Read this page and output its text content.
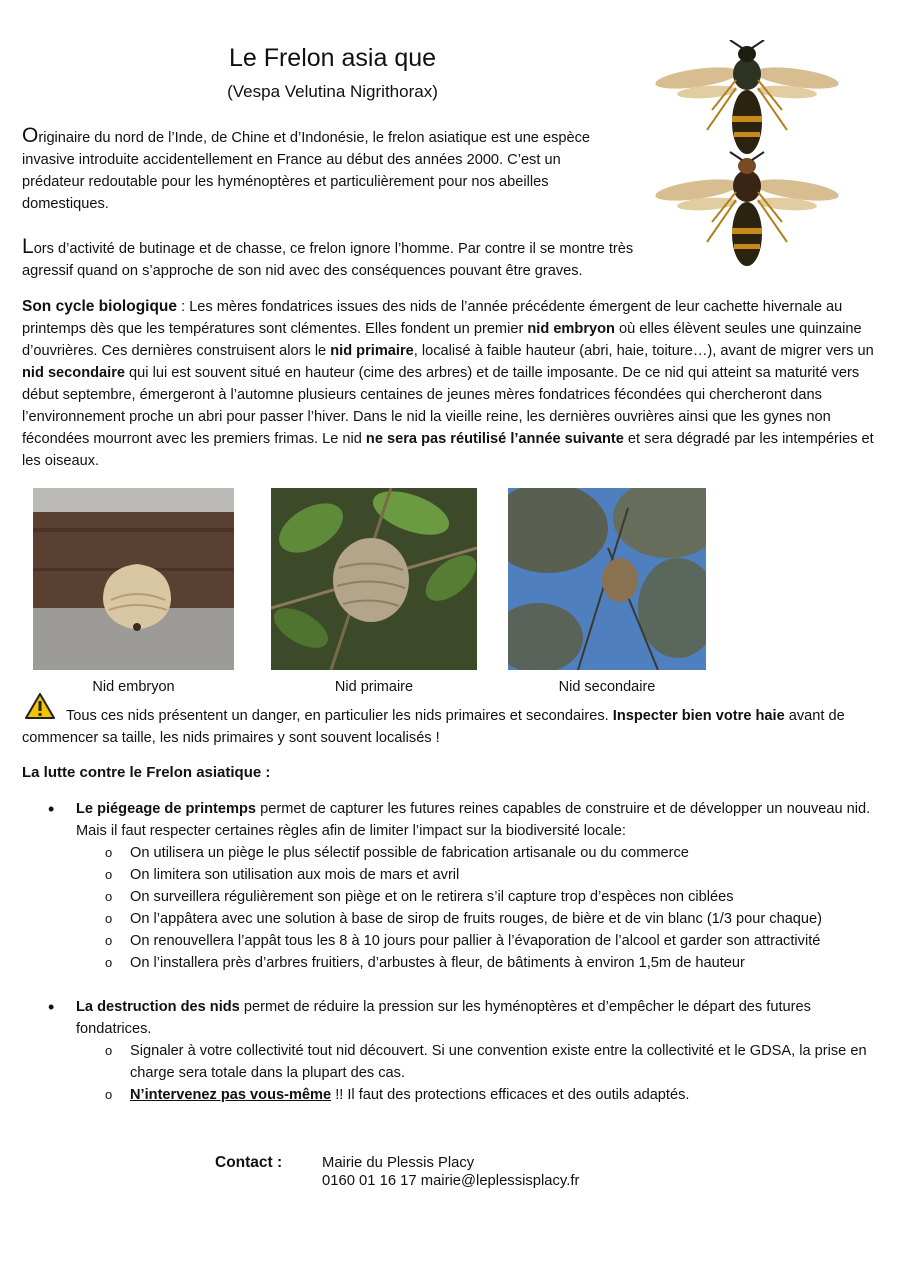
Le Frelon asia que
(Vespa Velutina Nigrithorax)
Originaire du nord de l’Inde, de Chine et d’Indonésie, le frelon asiatique est une espèce invasive introduite accidentellement en France au début des années 2000. C’est un prédateur redoutable pour les hyménoptères et particulièrement pour nos abeilles domestiques.
Lors d’activité de butinage et de chasse, ce frelon ignore l’homme. Par contre il se montre très agressif quand on s’approche de son nid avec des conséquences pouvant être graves.
Son cycle biologique : Les mères fondatrices issues des nids de l’année précédente émergent de leur cachette hivernale au printemps dès que les températures sont clémentes. Elles fondent un premier nid embryon où elles élèvent seules une quinzaine d’ouvrières. Ces dernières construisent alors le nid primaire, localisé à faible hauteur (abri, haie, toiture…), avant de migrer vers un nid secondaire qui lui est souvent situé en hauteur (cime des arbres) et de taille imposante. De ce nid qui atteint sa maturité vers début septembre, émergeront à l’automne plusieurs centaines de jeunes mères fondatrices fécondées qui chercheront dans l’environnement proche un abri pour passer l’hiver. Dans le nid la vieille reine, les dernières ouvrières ainsi que les gynes non fécondées mourront avec les premiers frimas. Le nid ne sera pas réutilisé l’année suivante et sera dégradé par les intempéries et les oiseaux.
Nid embryon	Nid primaire	Nid secondaire
Tous ces nids présentent un danger, en particulier les nids primaires et secondaires. Inspecter bien votre haie avant de commencer sa taille, les nids primaires y sont souvent localisés !
La lutte contre le Frelon asiatique :
• Le piégeage de printemps permet de capturer les futures reines capables de construire et de développer un nouveau nid. Mais il faut respecter certaines règles afin de limiter l’impact sur la biodiversité locale:
o On utilisera un piège le plus sélectif possible de fabrication artisanale ou du commerce
o On limitera son utilisation aux mois de mars et avril
o On surveillera régulièrement son piège et on le retirera s’il capture trop d’espèces non ciblées
o On l’appâtera avec une solution à base de sirop de fruits rouges, de bière et de vin blanc (1/3 pour chaque)
o On renouvellera l’appât tous les 8 à 10 jours pour pallier à l’évaporation de l’alcool et garder son attractivité
o On l’installera près d’arbres fruitiers, d’arbustes à fleur, de bâtiments à environ 1,5m de hauteur
• La destruction des nids permet de réduire la pression sur les hyménoptères et d’empêcher le départ des futures fondatrices.
o Signaler à votre collectivité tout nid découvert. Si une convention existe entre la collectivité et le GDSA, la prise en charge sera totale dans la plupart des cas.
o N’intervenez pas vous-même !! Il faut des protections efficaces et des outils adaptés.
Contact :	Mairie du Plessis Placy
0160 01 16 17 mairie@leplessisplacy.fr
